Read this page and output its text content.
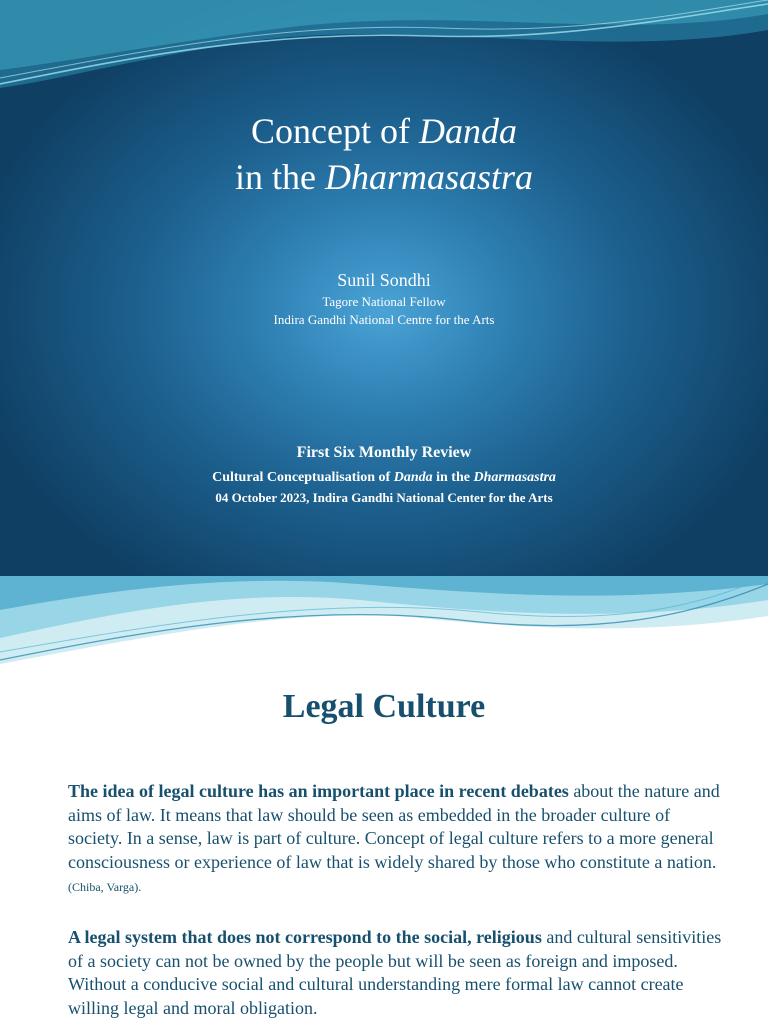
Concept of Danda
in the Dharmasastra
Sunil Sondhi
Tagore National Fellow
Indira Gandhi National Centre for the Arts
First Six Monthly Review
Cultural Conceptualisation of Danda in the Dharmasastra
04 October 2023, Indira Gandhi National Center for the Arts
Legal Culture
The idea of legal culture has an important place in recent debates about the nature and aims of law. It means that law should be seen as embedded in the broader culture of society. In a sense, law is part of culture. Concept of legal culture refers to a more general consciousness or experience of law that is widely shared by those who constitute a nation. (Chiba, Varga).
A legal system that does not correspond to the social, religious and cultural sensitivities of a society can not be owned by the people but will be seen as foreign and imposed. Without a conducive social and cultural understanding mere formal law cannot create willing legal and moral obligation.
